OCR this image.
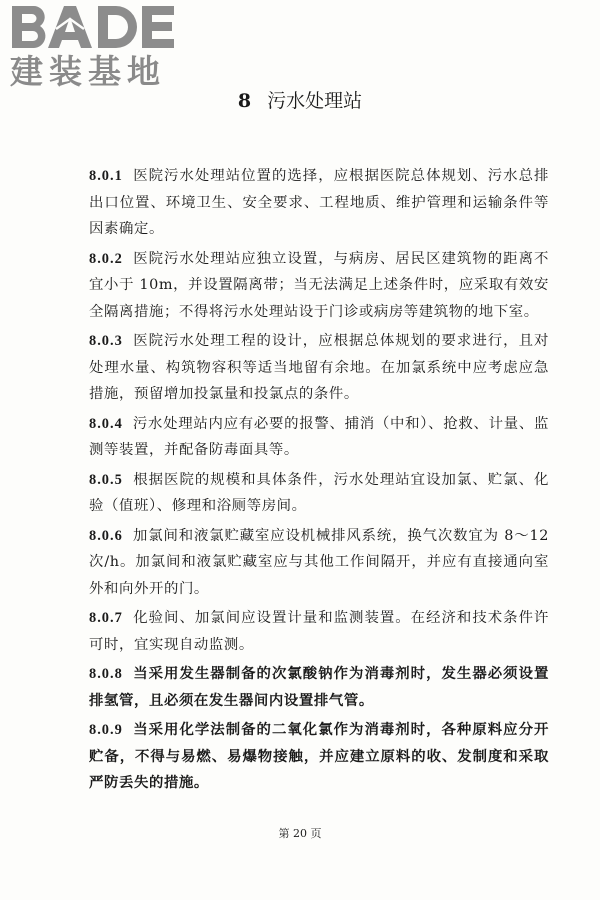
建装基地
8 污水处理站

8.0.1 医院污水处理站位置的选择，应根据医院总体规划、污水总排出口位置、环境卫生、安全要求、工程地质、维护管理和运输条件等因素确定。

8.0.2 医院污水处理站应独立设置，与病房、居民区建筑物的距离不宜小于 10m，并设置隔离带；当无法满足上述条件时，应采取有效安全隔离措施；不得将污水处理站设于门诊或病房等建筑物的地下室。

8.0.3 医院污水处理工程的设计，应根据总体规划的要求进行，且对处理水量、构筑物容积等适当地留有余地。在加氯系统中应考虑应急措施，预留增加投氯量和投氯点的条件。

8.0.4 污水处理站内应有必要的报警、捕消（中和）、抢救、计量、监测等装置，并配备防毒面具等。

8.0.5 根据医院的规模和具体条件，污水处理站宜设加氯、贮氯、化验（值班）、修理和浴厕等房间。

8.0.6 加氯间和液氯贮藏室应设机械排风系统，换气次数宜为 8～12 次/h。加氯间和液氯贮藏室应与其他工作间隔开，并应有直接通向室外和向外开的门。

8.0.7 化验间、加氯间应设置计量和监测装置。在经济和技术条件许可时，宜实现自动监测。

8.0.8 当采用发生器制备的次氯酸钠作为消毒剂时，发生器必须设置排氢管，且必须在发生器间内设置排气管。

8.0.9 当采用化学法制备的二氧化氯作为消毒剂时，各种原料应分开贮备，不得与易燃、易爆物接触，并应建立原料的收、发制度和采取严防丢失的措施。

第 20 页
